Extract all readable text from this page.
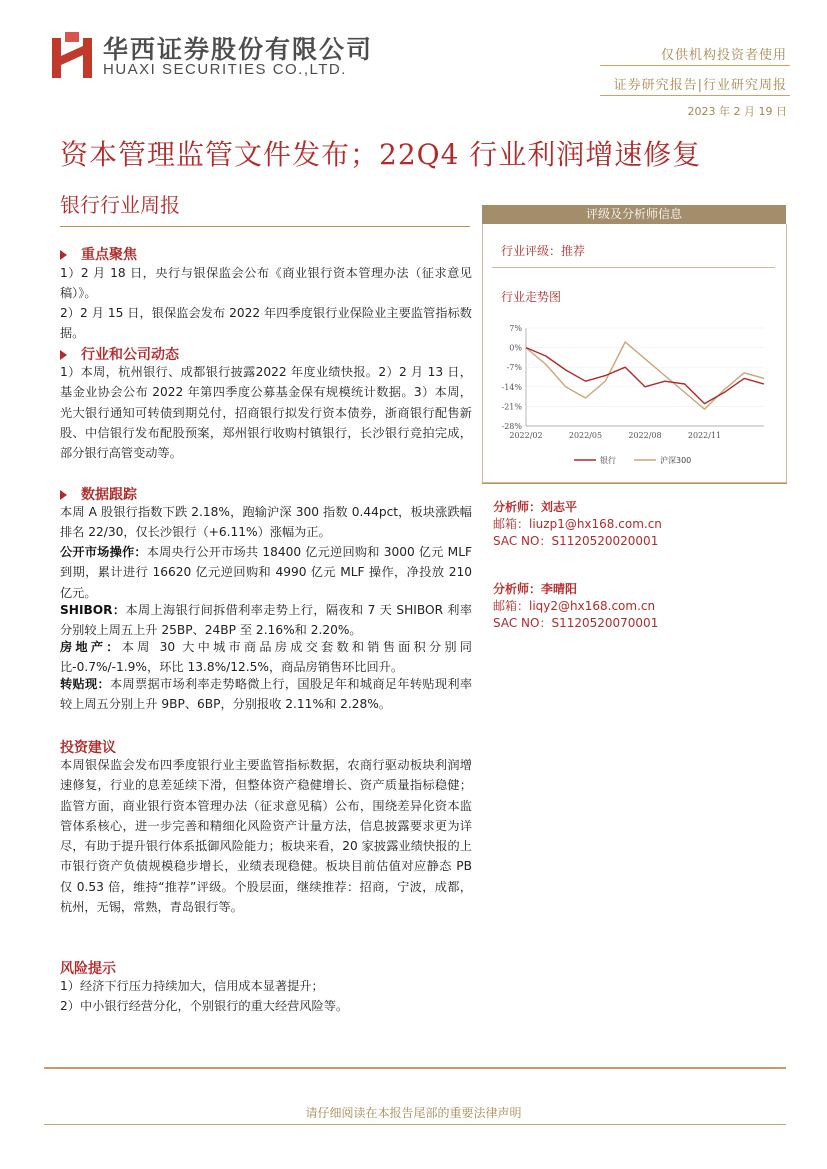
华西证券股份有限公司
HUAXI SECURITIES CO.,LTD.
仅供机构投资者使用
证券研究报告|行业研究周报
2023 年 2 月 19 日
资本管理监管文件发布；22Q4 行业利润增速修复
银行行业周报
重点聚焦
1）2 月 18 日，央行与银保监会公布《商业银行资本管理办法（征求意见稿）》。
2）2 月 15 日，银保监会发布 2022 年四季度银行业保险业主要监管指标数据。
行业和公司动态
1）本周，杭州银行、成都银行披露2022 年度业绩快报。2）2 月 13 日，基金业协会公布 2022 年第四季度公募基金保有规模统计数据。3）本周，光大银行通知可转债到期兑付，招商银行拟发行资本债券，浙商银行配售新股、中信银行发布配股预案，郑州银行收购村镇银行，长沙银行竞拍完成，部分银行高管变动等。
数据跟踪
本周 A 股银行指数下跌 2.18%，跑输沪深 300 指数 0.44pct，板块涨跌幅排名 22/30，仅长沙银行（+6.11%）涨幅为正。
公开市场操作：本周央行公开市场共 18400 亿元逆回购和 3000 亿元 MLF 到期，累计进行 16620 亿元逆回购和 4990 亿元 MLF 操作，净投放 210 亿元。
SHIBOR：本周上海银行间拆借利率走势上行，隔夜和 7 天 SHIBOR 利率分别较上周五上升 25BP、24BP 至 2.16%和 2.20%。
房地产：本周 30 大中城市商品房成交套数和销售面积分别同比-0.7%/-1.9%，环比 13.8%/12.5%，商品房销售环比回升。
转贴现：本周票据市场利率走势略微上行，国股足年和城商足年转贴现利率较上周五分别上升 9BP、6BP，分别报收 2.11%和 2.28%。
投资建议
本周银保监会发布四季度银行业主要监管指标数据，农商行驱动板块利润增速修复，行业的息差延续下滑，但整体资产稳健增长、资产质量指标稳健；监管方面，商业银行资本管理办法（征求意见稿）公布，围绕差异化资本监管体系核心，进一步完善和精细化风险资产计量方法，信息披露要求更为详尽，有助于提升银行体系抵御风险能力；板块来看，20 家披露业绩快报的上市银行资产负债规模稳步增长，业绩表现稳健。板块目前估值对应静态 PB 仅 0.53 倍，维持“推荐”评级。个股层面，继续推荐：招商，宁波，成都，杭州，无锡，常熟，青岛银行等。
风险提示
1）经济下行压力持续加大，信用成本显著提升；
2）中小银行经营分化，个别银行的重大经营风险等。
评级及分析师信息
行业评级：推荐
行业走势图
7%
0%
-7%
-14%
-21%
-28%
2022/02	2022/05	2022/08	2022/11
银行	沪深300
分析师：刘志平
邮箱：liuzp1@hx168.com.cn
SAC NO：S1120520020001
分析师：李晴阳
邮箱：liqy2@hx168.com.cn
SAC NO：S1120520070001
请仔细阅读在本报告尾部的重要法律声明
